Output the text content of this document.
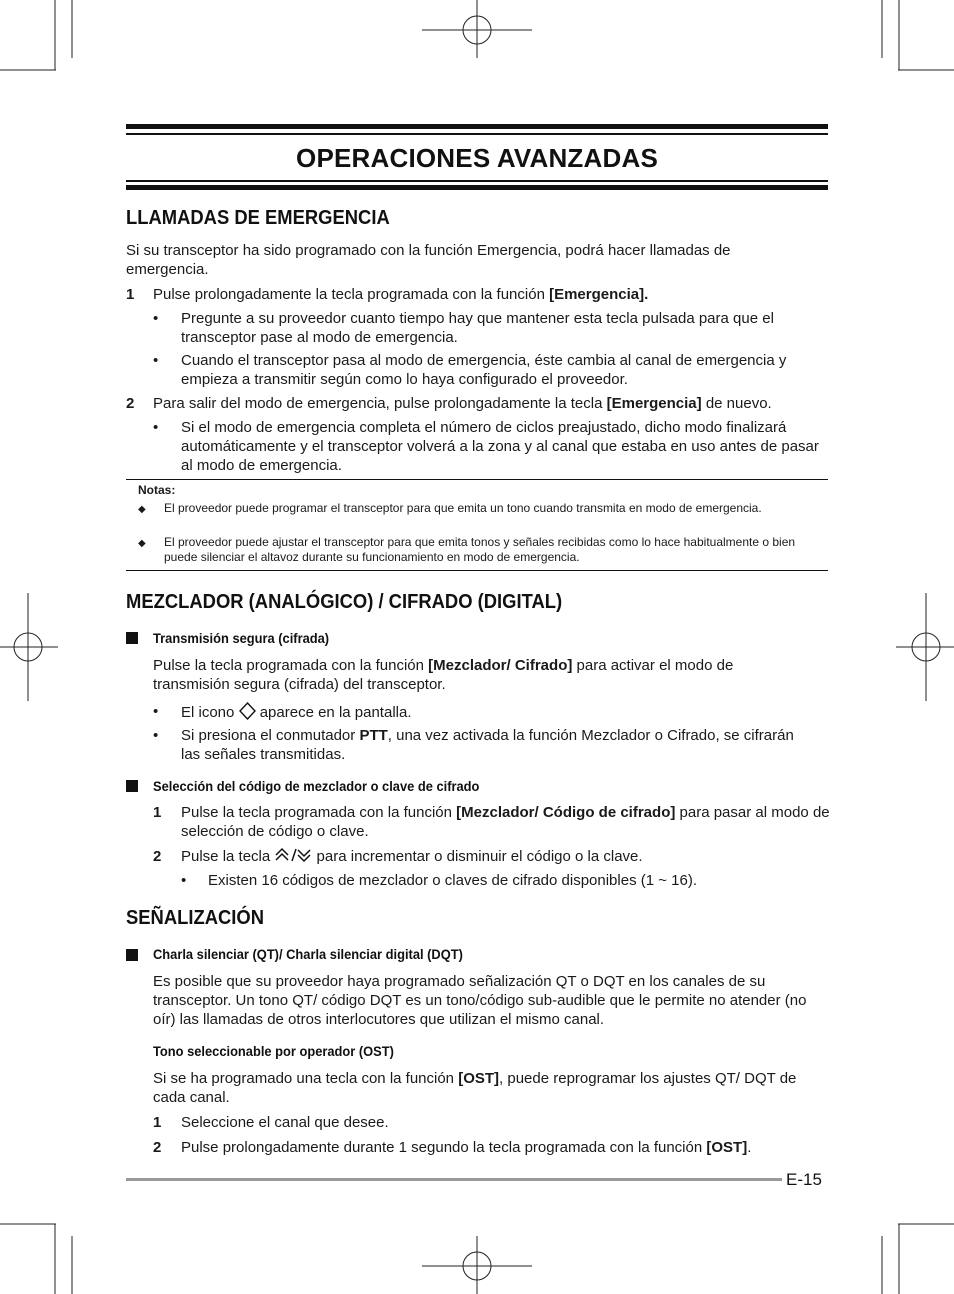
OPERACIONES AVANZADAS
LLAMADAS DE EMERGENCIA
Si su transceptor ha sido programado con la función Emergencia, podrá hacer llamadas de emergencia.
1 Pulse prolongadamente la tecla programada con la función [Emergencia].
• Pregunte a su proveedor cuanto tiempo hay que mantener esta tecla pulsada para que el transceptor pase al modo de emergencia.
• Cuando el transceptor pasa al modo de emergencia, éste cambia al canal de emergencia y empieza a transmitir según como lo haya configurado el proveedor.
2 Para salir del modo de emergencia, pulse prolongadamente la tecla [Emergencia] de nuevo.
• Si el modo de emergencia completa el número de ciclos preajustado, dicho modo finalizará automáticamente y el transceptor volverá a la zona y al canal que estaba en uso antes de pasar al modo de emergencia.
Notas:
◆ El proveedor puede programar el transceptor para que emita un tono cuando transmita en modo de emergencia.
◆ El proveedor puede ajustar el transceptor para que emita tonos y señales recibidas como lo hace habitualmente o bien puede silenciar el altavoz durante su funcionamiento en modo de emergencia.
MEZCLADOR (ANALÓGICO) / CIFRADO (DIGITAL)
Transmisión segura (cifrada)
Pulse la tecla programada con la función [Mezclador/ Cifrado] para activar el modo de transmisión segura (cifrada) del transceptor.
• El icono  aparece en la pantalla.
• Si presiona el conmutador PTT, una vez activada la función Mezclador o Cifrado, se cifrarán las señales transmitidas.
Selección del código de mezclador o clave de cifrado
1 Pulse la tecla programada con la función [Mezclador/ Código de cifrado] para pasar al modo de selección de código o clave.
2 Pulse la tecla	para incrementar o disminuir el código o la clave.
• Existen 16 códigos de mezclador o claves de cifrado disponibles (1 ~ 16).
SEÑALIZACIÓN
Charla silenciar (QT)/ Charla silenciar digital (DQT)
Es posible que su proveedor haya programado señalización QT o DQT en los canales de su transceptor. Un tono QT/ código DQT es un tono/código sub-audible que le permite no atender (no oír) las llamadas de otros interlocutores que utilizan el mismo canal.
Tono seleccionable por operador (OST)
Si se ha programado una tecla con la función [OST], puede reprogramar los ajustes QT/ DQT de cada canal.
1 Seleccione el canal que desee.
2 Pulse prolongadamente durante 1 segundo la tecla programada con la función [OST].
E-15
